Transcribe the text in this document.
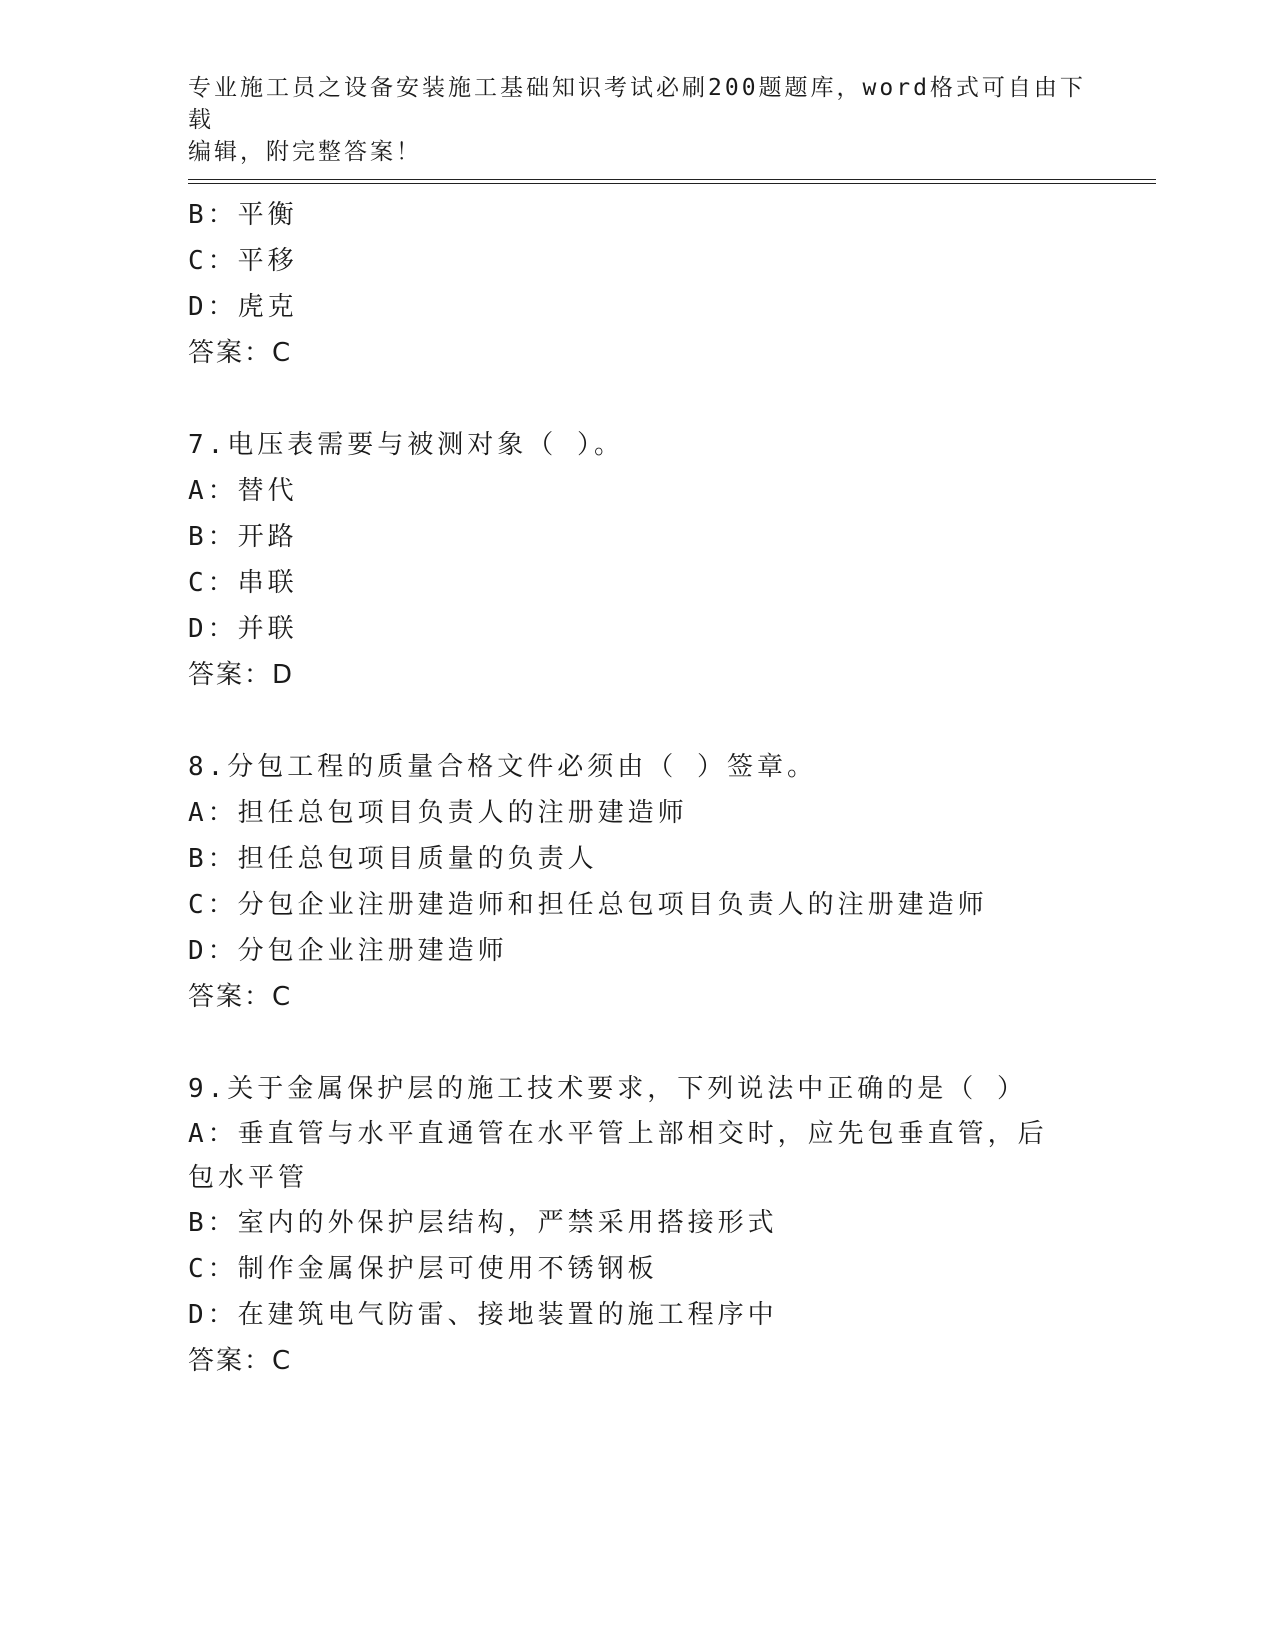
专业施工员之设备安装施工基础知识考试必刷200题题库，word格式可自由下载
编辑，附完整答案！
B：平衡
C：平移
D：虎克
答案：C
7.电压表需要与被测对象（ ）。
A：替代
B：开路
C：串联
D：并联
答案：D
8.分包工程的质量合格文件必须由（ ）签章。
A：担任总包项目负责人的注册建造师
B：担任总包项目质量的负责人
C：分包企业注册建造师和担任总包项目负责人的注册建造师
D：分包企业注册建造师
答案：C
9.关于金属保护层的施工技术要求，下列说法中正确的是（ ）
A：垂直管与水平直通管在水平管上部相交时，应先包垂直管，后包水平管
B：室内的外保护层结构，严禁采用搭接形式
C：制作金属保护层可使用不锈钢板
D：在建筑电气防雷、接地装置的施工程序中
答案：C
